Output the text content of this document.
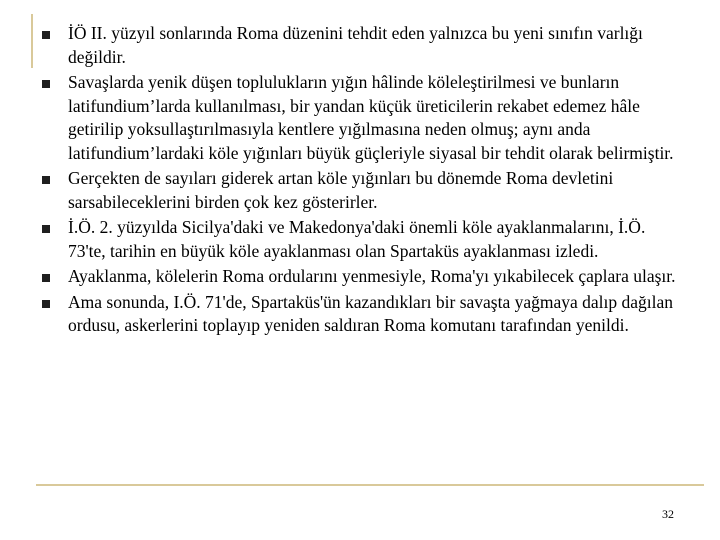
İÖ II. yüzyıl sonlarında Roma düzenini tehdit eden yalnızca bu yeni sınıfın varlığı değildir.
Savaşlarda yenik düşen toplulukların yığın hâlinde köleleştirilmesi ve bunların latifundium’larda kullanılması, bir yandan küçük üreticilerin rekabet edemez hâle getirilip yoksullaştırılmasıyla kentlere yığılmasına neden olmuş; aynı anda latifundium’lardaki köle yığınları büyük güçleriyle siyasal bir tehdit olarak belirmiştir.
Gerçekten de sayıları giderek artan köle yığınları bu dönemde Roma devletini sarsabileceklerini birden çok kez gösterirler.
İ.Ö. 2. yüzyılda Sicilya'daki ve Makedonya'daki önemli köle ayaklanmalarını, İ.Ö. 73'te, tarihin en büyük köle ayaklanması olan Spartaküs ayaklanması izledi.
Ayaklanma, kölelerin Roma ordularını yenmesiyle, Roma'yı yıkabilecek çaplara ulaşır.
Ama sonunda, I.Ö. 71'de, Spartaküs'ün kazandıkları bir savaşta yağmaya dalıp dağılan ordusu, askerlerini toplayıp yeniden saldıran Roma komutanı tarafından yenildi.
32
